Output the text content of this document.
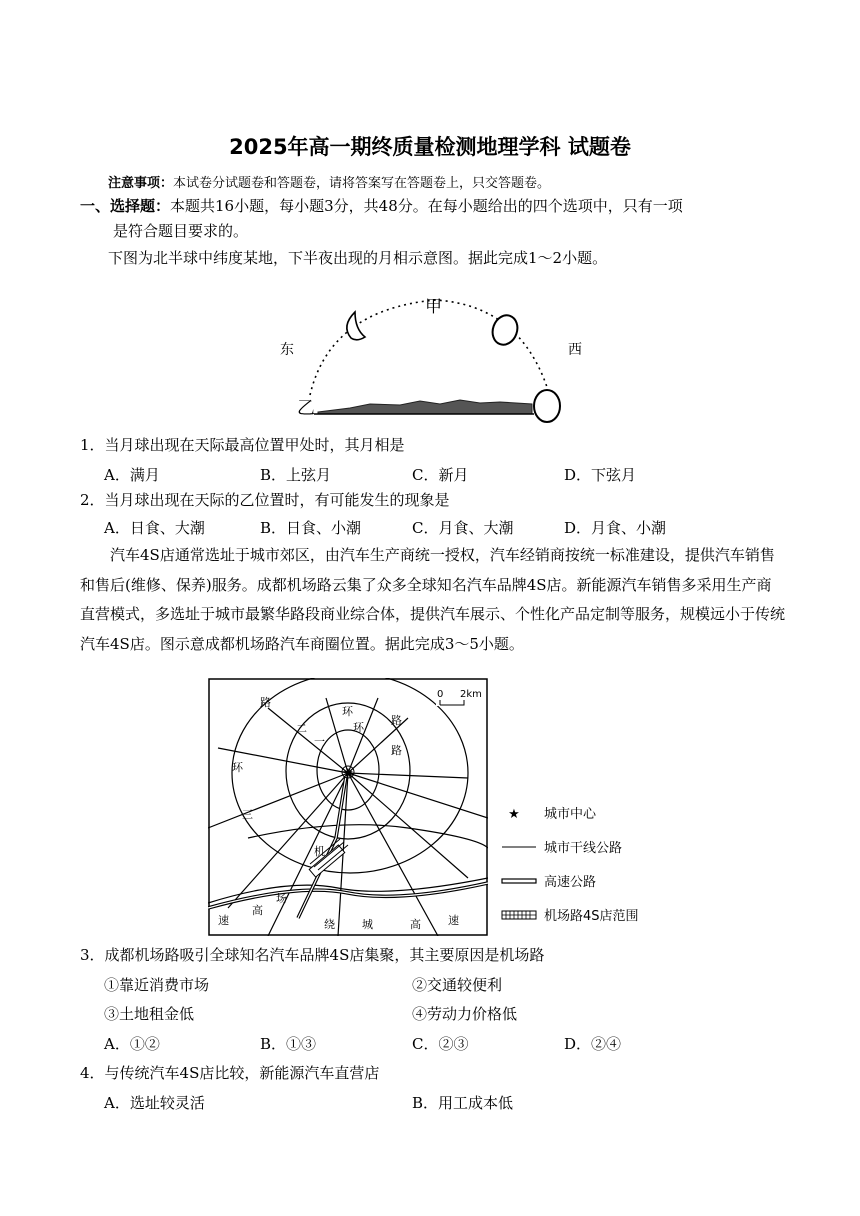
2025年高一期终质量检测地理学科 试题卷
注意事项：本试卷分试题卷和答题卷，请将答案写在答题卷上，只交答题卷。
一、选择题：本题共16小题，每小题3分，共48分。在每小题给出的四个选项中，只有一项
是符合题目要求的。
下图为北半球中纬度某地，下半夜出现的月相示意图。据此完成1～2小题。
东	西
甲
乙
1．当月球出现在天际最高位置甲处时，其月相是
A．满月	B．上弦月	C．新月	D．下弦月
2．当月球出现在天际的乙位置时，有可能发生的现象是
A．日食、大潮	B．日食、小潮	C．月食、大潮	D．月食、小潮
汽车4S店通常选址于城市郊区，由汽车生产商统一授权，汽车经销商按统一标准建设，提供汽车销售和售后(维修、保养)服务。成都机场路云集了众多全球知名汽车品牌4S店。新能源汽车销售多采用生产商直营模式，多选址于城市最繁华路段商业综合体，提供汽车展示、个性化产品定制等服务，规模远小于传统汽车4S店。图示意成都机场路汽车商圈位置。据此完成3～5小题。
★
路
环
三
环
路
二
一
环
路
机
场
速
高
绕 城	高 速
0 2km
★ 城市中心
城市干线公路
高速公路
机场路4S店范围
3．成都机场路吸引全球知名汽车品牌4S店集聚，其主要原因是机场路
①靠近消费市场	②交通较便利
③土地租金低	④劳动力价格低
A．①②	B．①③	C．②③	D．②④
4．与传统汽车4S店比较，新能源汽车直营店
A．选址较灵活	B．用工成本低
